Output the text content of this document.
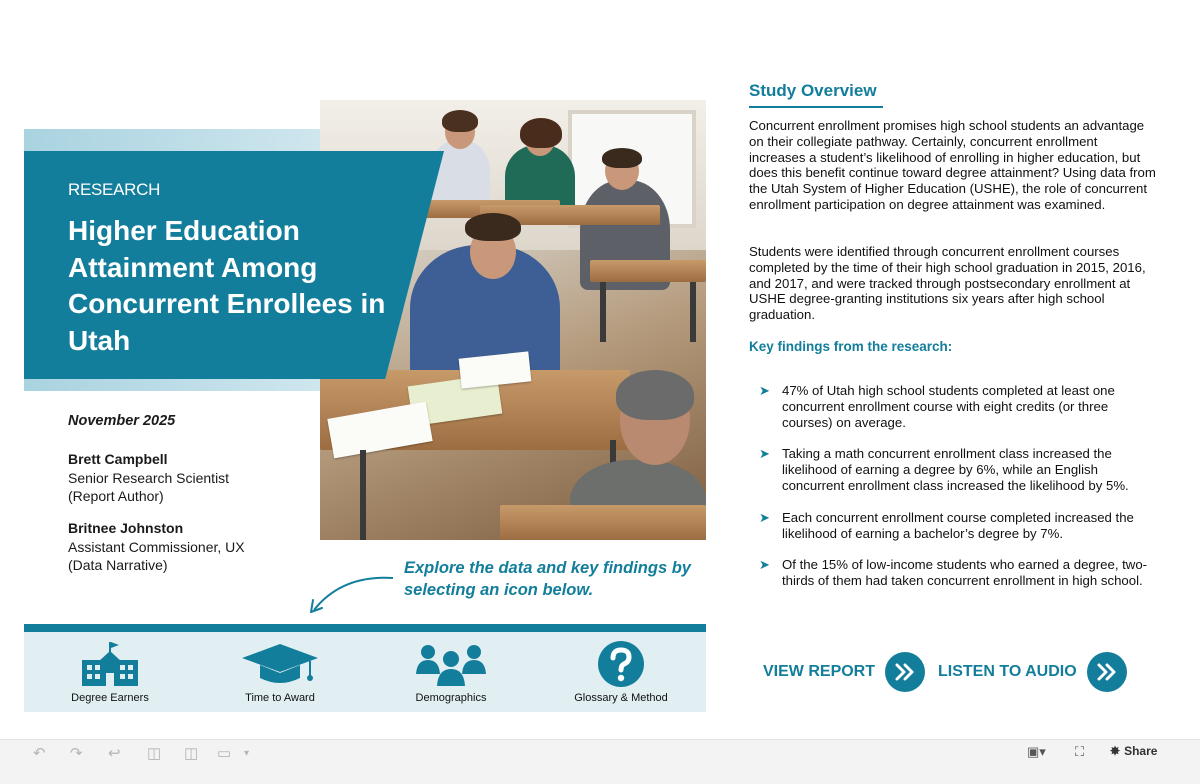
RESEARCH
Higher Education Attainment Among Concurrent Enrollees in Utah
November 2025
Brett Campbell
Senior Research Scientist
(Report Author)
Britnee Johnston
Assistant Commissioner, UX
(Data Narrative)	Explore the data and key findings by selecting an icon below.
Degree Earners	Time to Award	Demographics	Glossary & Method
Study Overview
Concurrent enrollment promises high school students an advantage on their collegiate pathway. Certainly, concurrent enrollment increases a student’s likelihood of enrolling in higher education, but does this benefit continue toward degree attainment? Using data from the Utah System of Higher Education (USHE), the role of concurrent enrollment participation on degree attainment was examined.
Students were identified through concurrent enrollment courses completed by the time of their high school graduation in 2015, 2016, and 2017, and were tracked through postsecondary enrollment at USHE degree-granting institutions six years after high school graduation.
Key findings from the research:
➤ 47% of Utah high school students completed at least one concurrent enrollment course with eight credits (or three courses) on average.
➤ Taking a math concurrent enrollment class increased the likelihood of earning a degree by 6%, while an English concurrent enrollment class increased the likelihood by 5%.
➤ Each concurrent enrollment course completed increased the likelihood of earning a bachelor’s degree by 7%.
➤ Of the 15% of low-income students who earned a degree, two-thirds of them had taken concurrent enrollment in high school.
VIEW REPORT	LISTEN TO AUDIO
↶ ↷ ↩ ◫ ◫ ▭ ▾	▣▾ ⛶ ✸ Share
